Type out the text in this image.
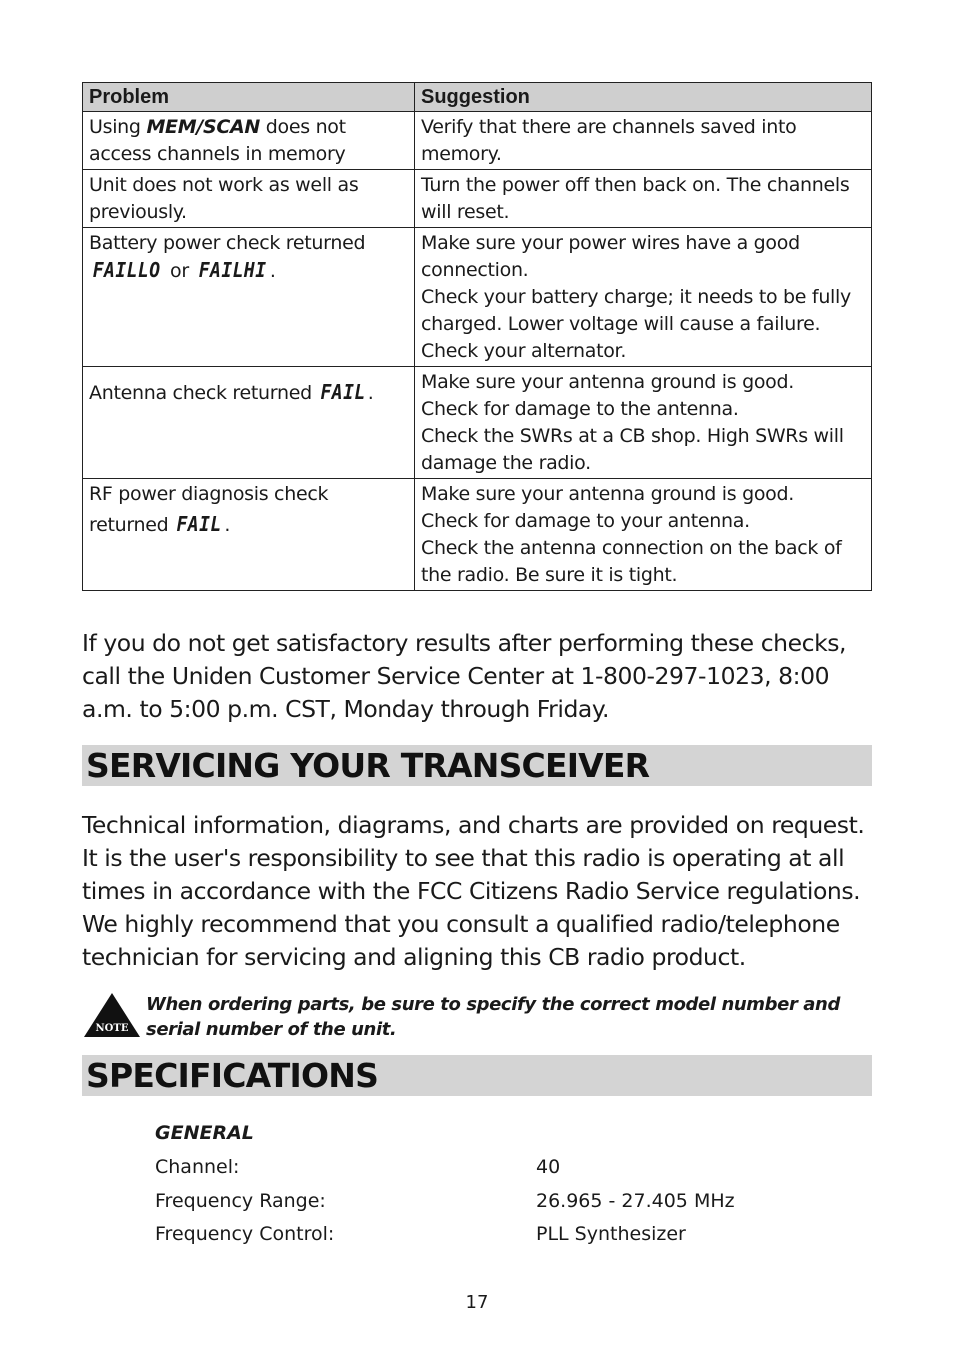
Problem	Suggestion
Using MEM/SCAN does not access channels in memory	Verify that there are channels saved into memory.
Unit does not work as well as previously.	Turn the power off then back on. The channels will reset.

Battery power check returned
FAILLO or FAILHI .	Make sure your power wires have a good connection.
Check your battery charge; it needs to be fully charged. Lower voltage will cause a failure.
Check your alternator.

Antenna check returned FAIL .	Make sure your antenna ground is good.
Check for damage to the antenna.
Check the SWRs at a CB shop. High SWRs will damage the radio.

RF power diagnosis check
returned FAIL .	Make sure your antenna ground is good.
Check for damage to your antenna.
Check the antenna connection on the back of the radio. Be sure it is tight.

If you do not get satisfactory results after performing these checks, call the Uniden Customer Service Center at 1-800-297-1023, 8:00 a.m. to 5:00 p.m. CST, Monday through Friday.

SERVICING YOUR TRANSCEIVER

Technical information, diagrams, and charts are provided on request. It is the user's responsibility to see that this radio is operating at all times in accordance with the FCC Citizens Radio Service regulations. We highly recommend that you consult a qualified radio/telephone technician for servicing and aligning this CB radio product.

NOTE
When ordering parts, be sure to specify the correct model number and serial number of the unit.
SPECIFICATIONS
GENERAL
Channel:	40
Frequency Range:	26.965 - 27.405 MHz
Frequency Control:	PLL Synthesizer
17
